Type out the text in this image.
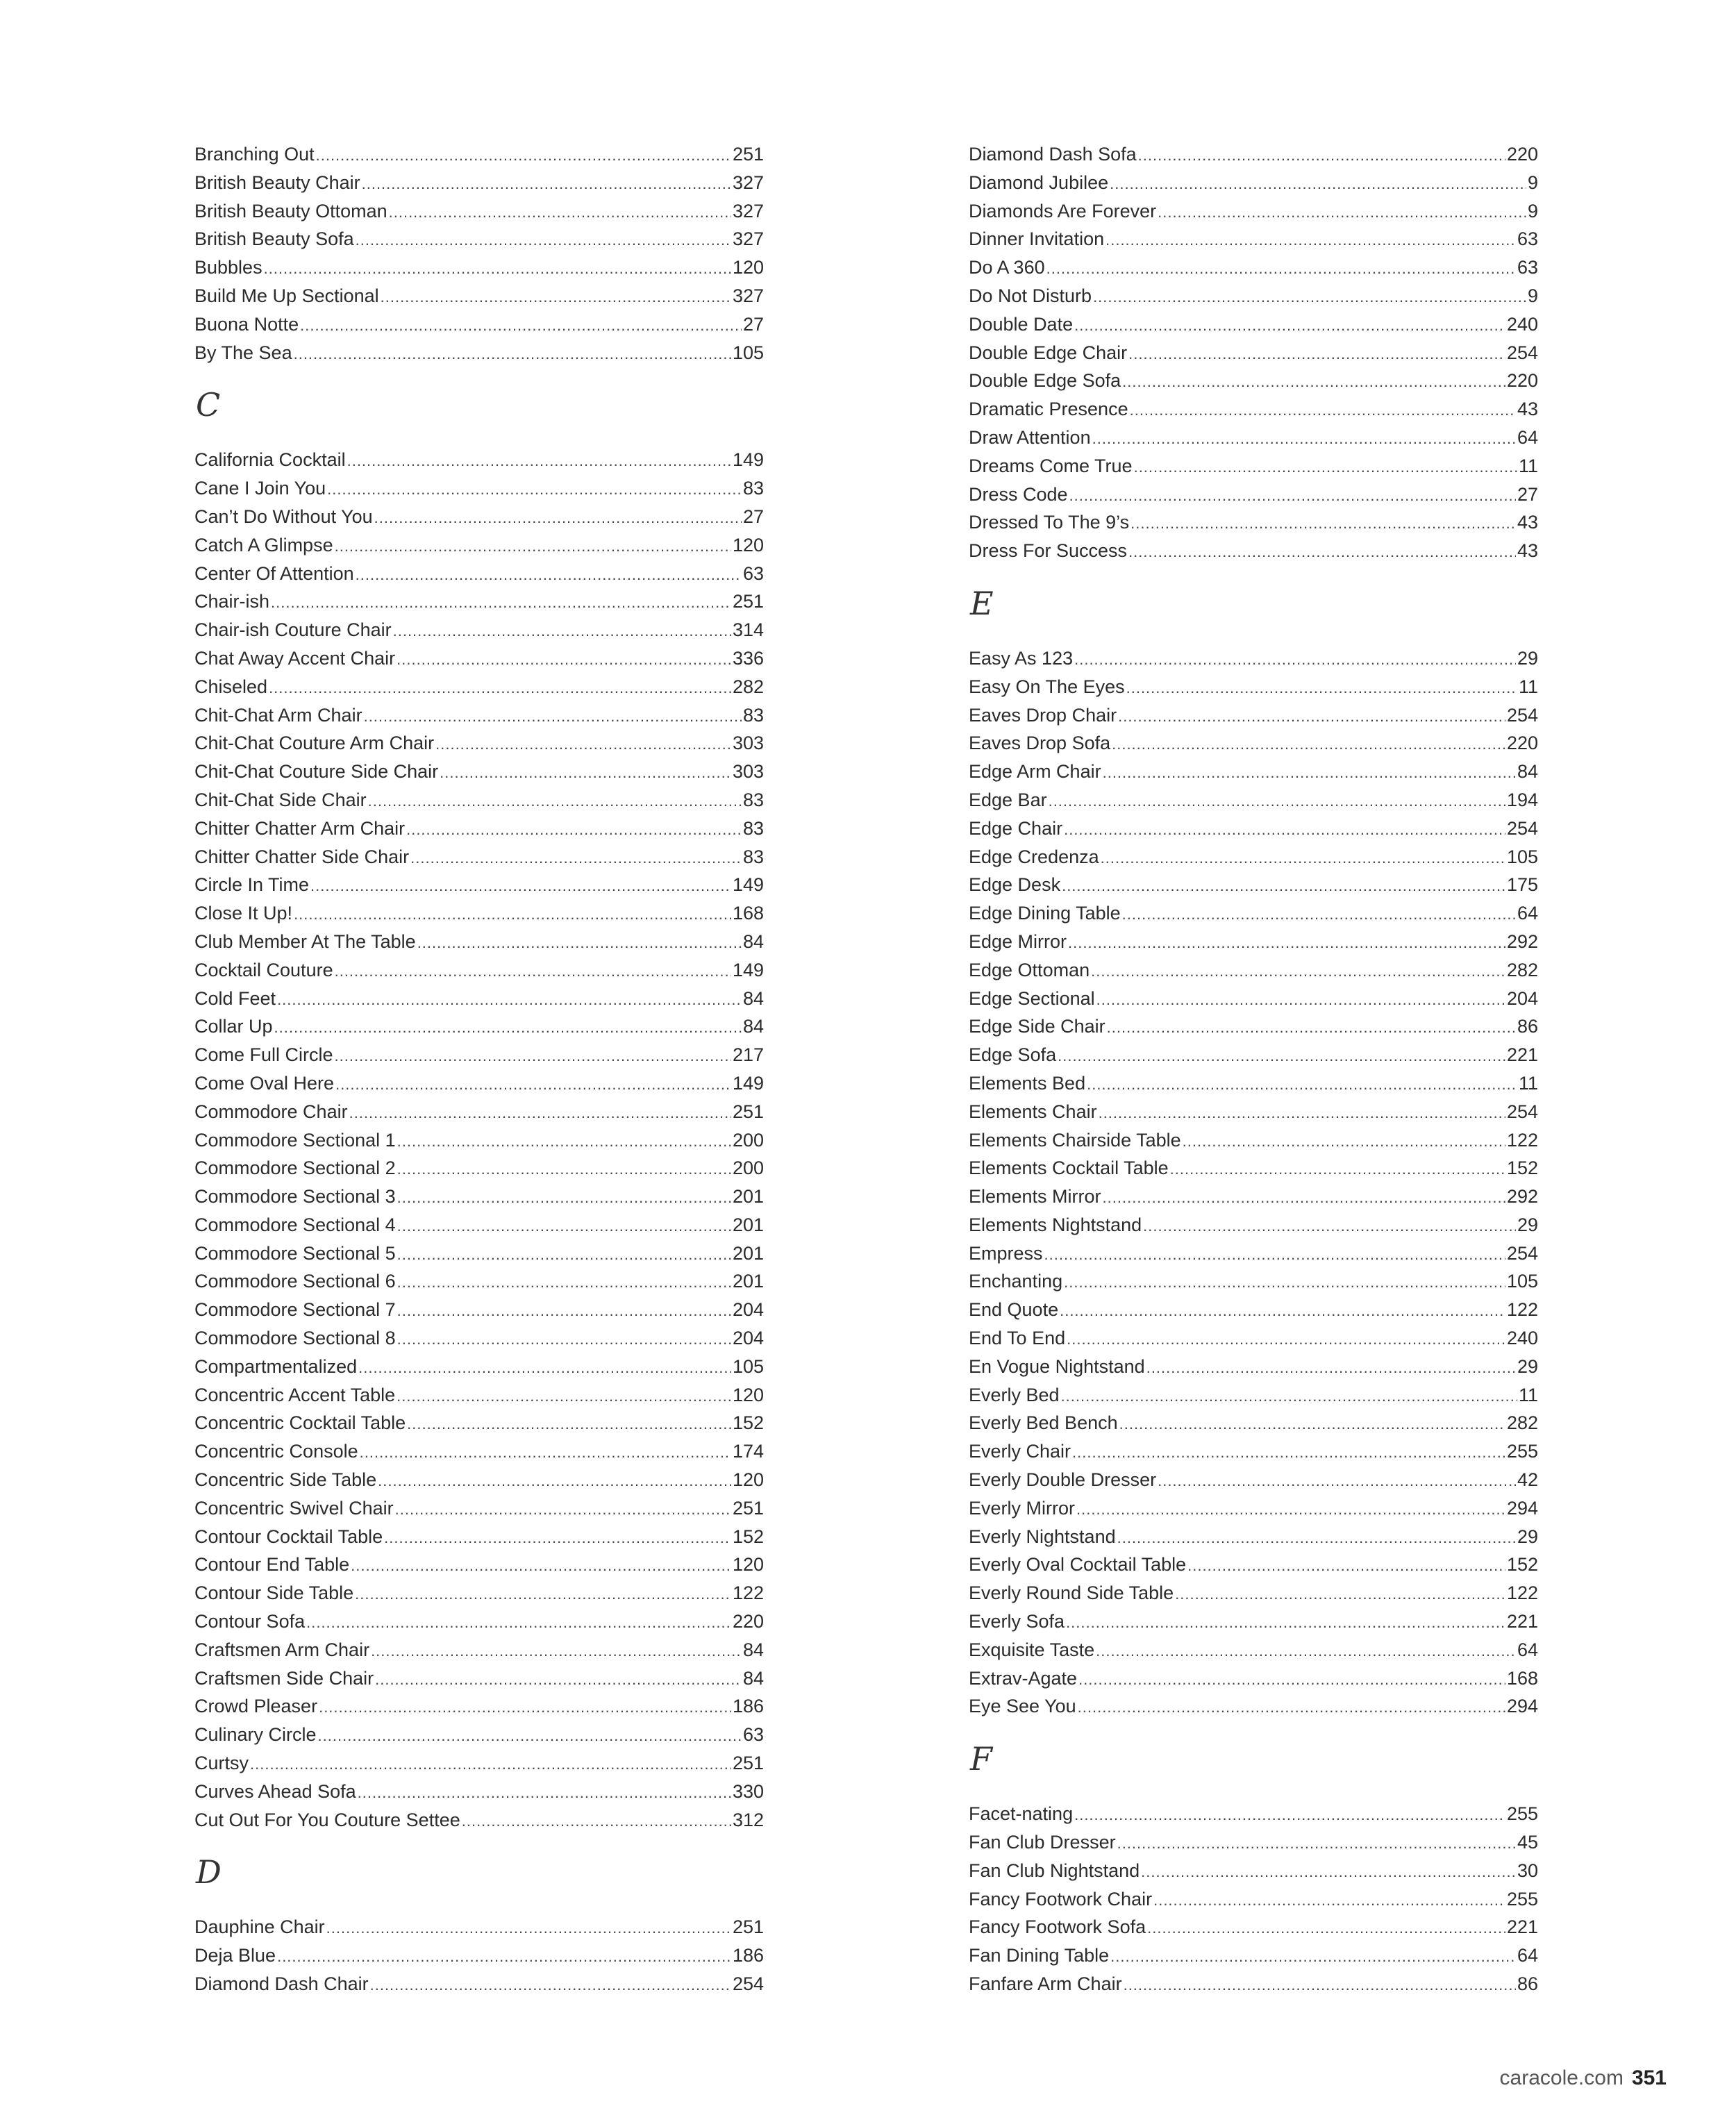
Branching Out .....	251
British Beauty Chair .....	327
British Beauty Ottoman .....	327
British Beauty Sofa .....	327
Bubbles .....	120
Build Me Up Sectional .....	327
Buona Notte .....	27
By The Sea .....	105
C
California Cocktail .....	149
Cane I Join You .....	83
Can’t Do Without You .....	27
Catch A Glimpse .....	120
Center Of Attention .....	63
Chair-ish .....	251
Chair-ish Couture Chair .....	314
Chat Away Accent Chair .....	336
Chiseled .....	282
Chit-Chat Arm Chair .....	83
Chit-Chat Couture Arm Chair .....	303
Chit-Chat Couture Side Chair .....	303
Chit-Chat Side Chair .....	83
Chitter Chatter Arm Chair .....	83
Chitter Chatter Side Chair .....	83
Circle In Time .....	149
Close It Up! .....	168
Club Member At The Table .....	84
Cocktail Couture .....	149
Cold Feet .....	84
Collar Up .....	84
Come Full Circle .....	217
Come Oval Here .....	149
Commodore Chair .....	251
Commodore Sectional 1 .....	200
Commodore Sectional 2 .....	200
Commodore Sectional 3 .....	201
Commodore Sectional 4 .....	201
Commodore Sectional 5 .....	201
Commodore Sectional 6 .....	201
Commodore Sectional 7 .....	204
Commodore Sectional 8 .....	204
Compartmentalized .....	105
Concentric Accent Table .....	120
Concentric Cocktail Table .....	152
Concentric Console .....	174
Concentric Side Table .....	120
Concentric Swivel Chair .....	251
Contour Cocktail Table .....	152
Contour End Table .....	120
Contour Side Table .....	122
Contour Sofa .....	220
Craftsmen Arm Chair .....	84
Craftsmen Side Chair .....	84
Crowd Pleaser .....	186
Culinary Circle .....	63
Curtsy .....	251
Curves Ahead Sofa .....	330
Cut Out For You Couture Settee .....	312
D
Dauphine Chair .....	251
Deja Blue .....	186
Diamond Dash Chair .....	254
Diamond Dash Sofa .....	220
Diamond Jubilee .....	9
Diamonds Are Forever .....	9
Dinner Invitation .....	63
Do A 360 .....	63
Do Not Disturb .....	9
Double Date .....	240
Double Edge Chair .....	254
Double Edge Sofa .....	220
Dramatic Presence .....	43
Draw Attention .....	64
Dreams Come True .....	11
Dress Code .....	27
Dressed To The 9’s .....	43
Dress For Success .....	43
E
Easy As 123 .....	29
Easy On The Eyes .....	11
Eaves Drop Chair .....	254
Eaves Drop Sofa .....	220
Edge Arm Chair .....	84
Edge Bar .....	194
Edge Chair .....	254
Edge Credenza .....	105
Edge Desk .....	175
Edge Dining Table .....	64
Edge Mirror .....	292
Edge Ottoman .....	282
Edge Sectional .....	204
Edge Side Chair .....	86
Edge Sofa .....	221
Elements Bed .....	11
Elements Chair .....	254
Elements Chairside Table .....	122
Elements Cocktail Table .....	152
Elements Mirror .....	292
Elements Nightstand .....	29
Empress .....	254
Enchanting .....	105
End Quote .....	122
End To End .....	240
En Vogue Nightstand .....	29
Everly Bed .....	11
Everly Bed Bench .....	282
Everly Chair .....	255
Everly Double Dresser .....	42
Everly Mirror .....	294
Everly Nightstand .....	29
Everly Oval Cocktail Table .....	152
Everly Round Side Table .....	122
Everly Sofa .....	221
Exquisite Taste .....	64
Extrav-Agate .....	168
Eye See You .....	294
F
Facet-nating .....	255
Fan Club Dresser .....	45
Fan Club Nightstand .....	30
Fancy Footwork Chair .....	255
Fancy Footwork Sofa .....	221
Fan Dining Table .....	64
Fanfare Arm Chair .....	86
caracole.com 351
